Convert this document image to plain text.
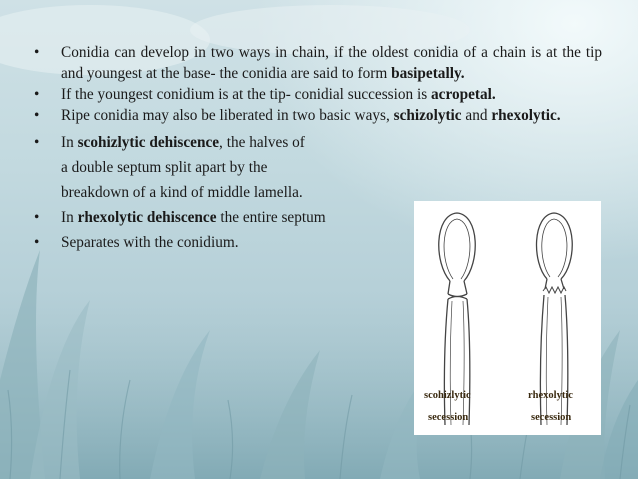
• Conidia can develop in two ways in chain, if the oldest conidia of a chain is at the tip and youngest at the base- the conidia are said to form basipetally.
• If the youngest conidium is at the tip- conidial succession is acropetal.
• Ripe conidia may also be liberated in two basic ways, schizolytic and rhexolytic.
• In scohizlytic dehiscence, the halves of
a double septum split apart by the
breakdown of a kind of middle lamella.
• In rhexolytic dehiscence the entire septum
• Separates with the conidium.
scohizlytic
secession
rhexolytic
secession
